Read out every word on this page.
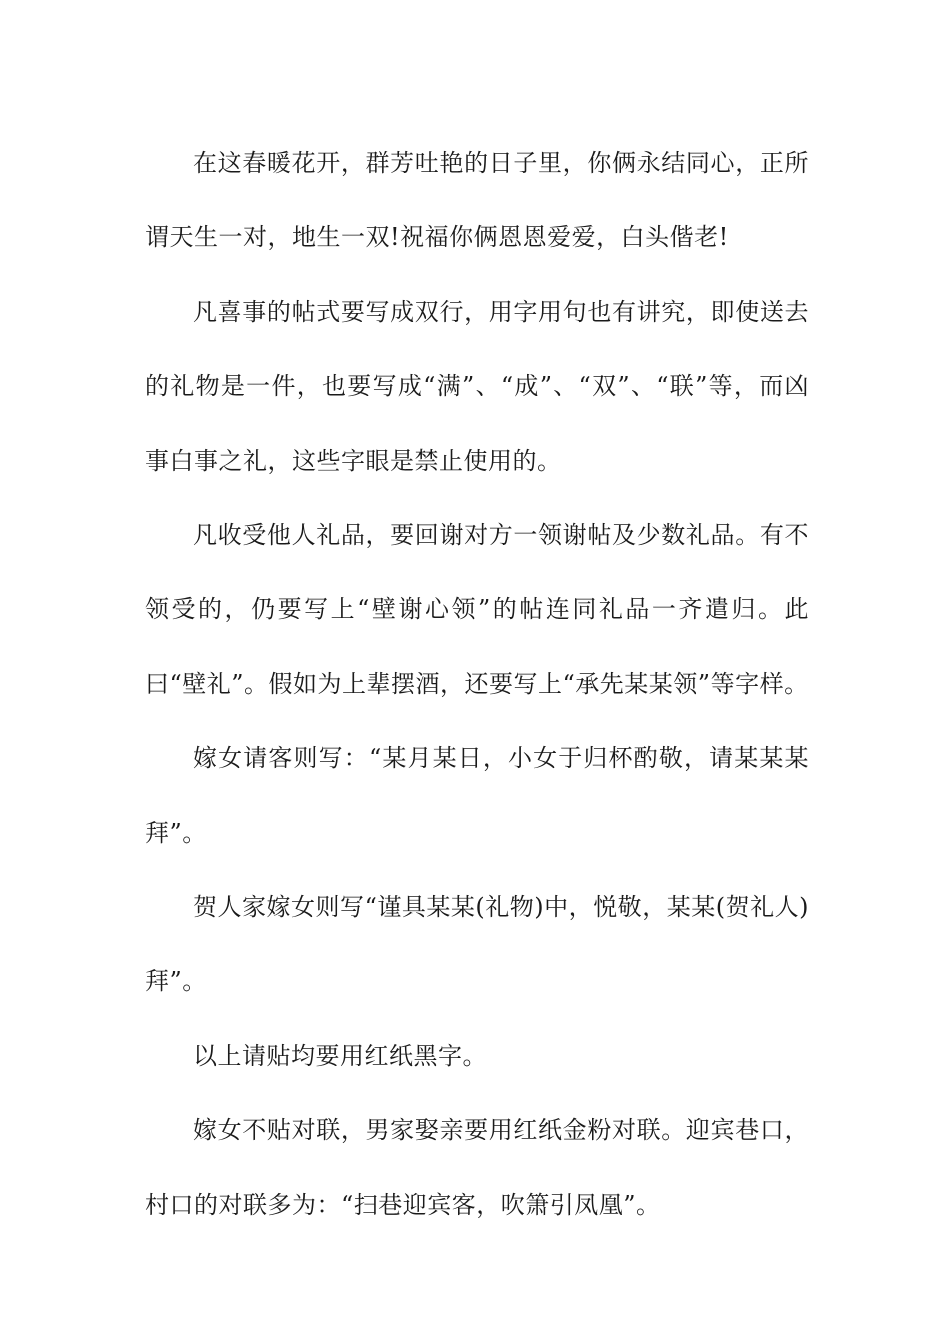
在这春暖花开，群芳吐艳的日子里，你俩永结同心，正所谓天生一对，地生一双!祝福你俩恩恩爱爱，白头偕老!

凡喜事的帖式要写成双行，用字用句也有讲究，即使送去的礼物是一件，也要写成“满”、“成”、“双”、“联”等，而凶事白事之礼，这些字眼是禁止使用的。

凡收受他人礼品，要回谢对方一领谢帖及少数礼品。有不领受的，仍要写上“壁谢心领”的帖连同礼品一齐遣归。此曰“壁礼”。假如为上辈摆酒，还要写上“承先某某领”等字样。

嫁女请客则写：“某月某日，小女于归杯酌敬，请某某某拜”。

贺人家嫁女则写“谨具某某(礼物)中，悦敬，某某(贺礼人)拜”。

以上请贴均要用红纸黑字。

嫁女不贴对联，男家娶亲要用红纸金粉对联。迎宾巷口，村口的对联多为：“扫巷迎宾客，吹箫引凤凰”。
